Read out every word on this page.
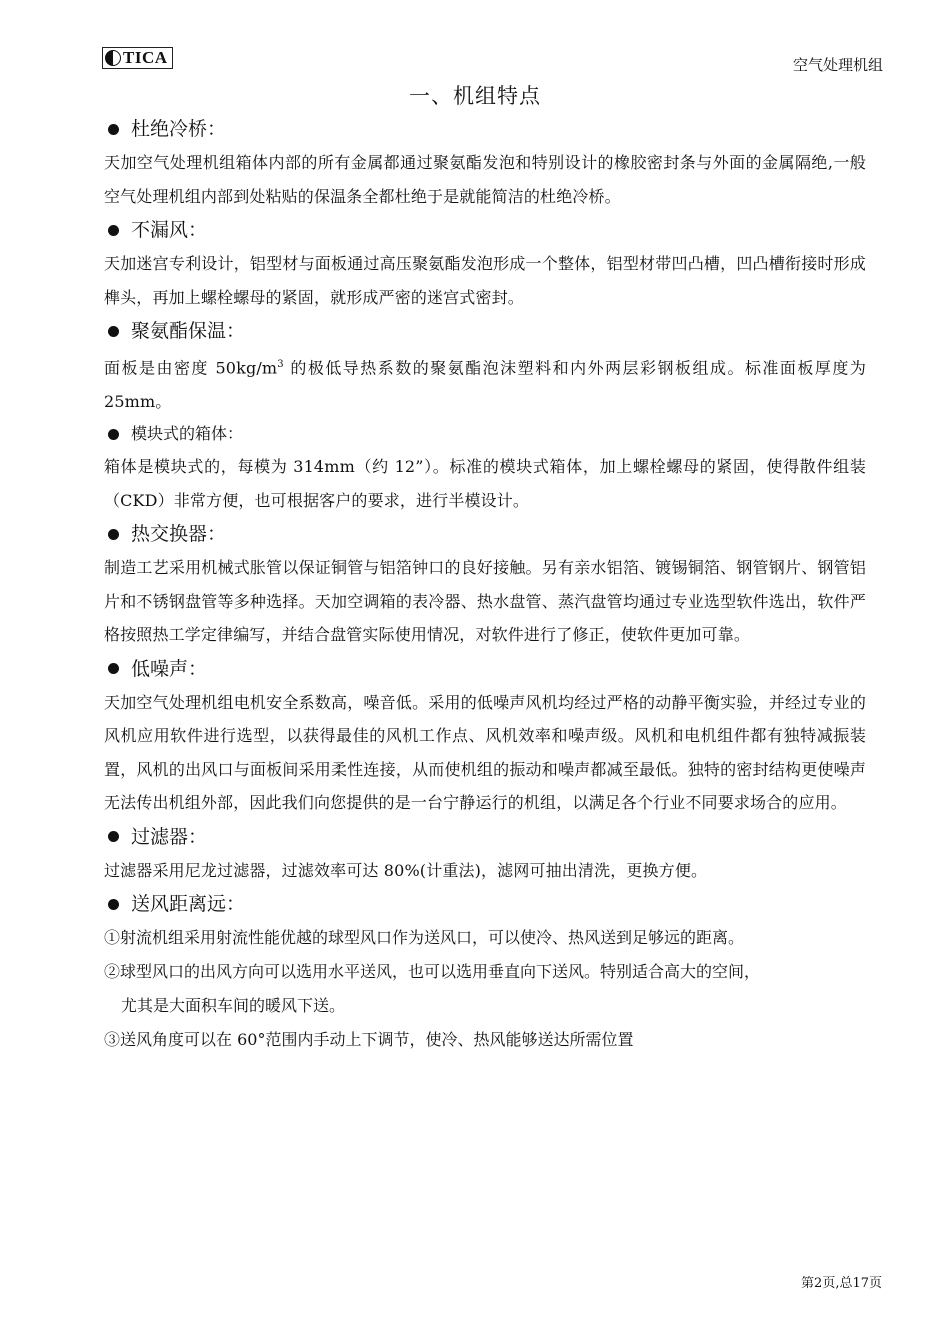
TICA	空气处理机组
一、机组特点
杜绝冷桥：

天加空气处理机组箱体内部的所有金属都通过聚氨酯发泡和特别设计的橡胶密封条与外面的金属隔绝,一般空气处理机组内部到处粘贴的保温条全都杜绝于是就能简洁的杜绝冷桥。

不漏风：

天加迷宫专利设计，铝型材与面板通过高压聚氨酯发泡形成一个整体，铝型材带凹凸槽，凹凸槽衔接时形成榫头，再加上螺栓螺母的紧固，就形成严密的迷宫式密封。

聚氨酯保温：

面板是由密度 $50kg/m^3$ 的极低导热系数的聚氨酯泡沫塑料和内外两层彩钢板组成。标准面板厚度为 25mm。

模块式的箱体：

箱体是模块式的，每模为 314mm（约 12”）。标准的模块式箱体，加上螺栓螺母的紧固，使得散件组装（CKD）非常方便，也可根据客户的要求，进行半模设计。

热交换器：

制造工艺采用机械式胀管以保证铜管与铝箔钟口的良好接触。另有亲水铝箔、镀锡铜箔、钢管钢片、钢管铝片和不锈钢盘管等多种选择。天加空调箱的表冷器、热水盘管、蒸汽盘管均通过专业选型软件选出，软件严格按照热工学定律编写，并结合盘管实际使用情况，对软件进行了修正，使软件更加可靠。

低噪声：

天加空气处理机组电机安全系数高，噪音低。采用的低噪声风机均经过严格的动静平衡实验，并经过专业的风机应用软件进行选型，以获得最佳的风机工作点、风机效率和噪声级。风机和电机组件都有独特减振装置，风机的出风口与面板间采用柔性连接，从而使机组的振动和噪声都减至最低。独特的密封结构更使噪声无法传出机组外部，因此我们向您提供的是一台宁静运行的机组，以满足各个行业不同要求场合的应用。

过滤器：

过滤器采用尼龙过滤器，过滤效率可达 80%(计重法)，滤网可抽出清洗，更换方便。

送风距离远：

①射流机组采用射流性能优越的球型风口作为送风口，可以使冷、热风送到足够远的距离。

②球型风口的出风方向可以选用水平送风，也可以选用垂直向下送风。特别适合高大的空间，
尤其是大面积车间的暖风下送。

③送风角度可以在 60°范围内手动上下调节，使冷、热风能够送达所需位置

第2页,总17页
